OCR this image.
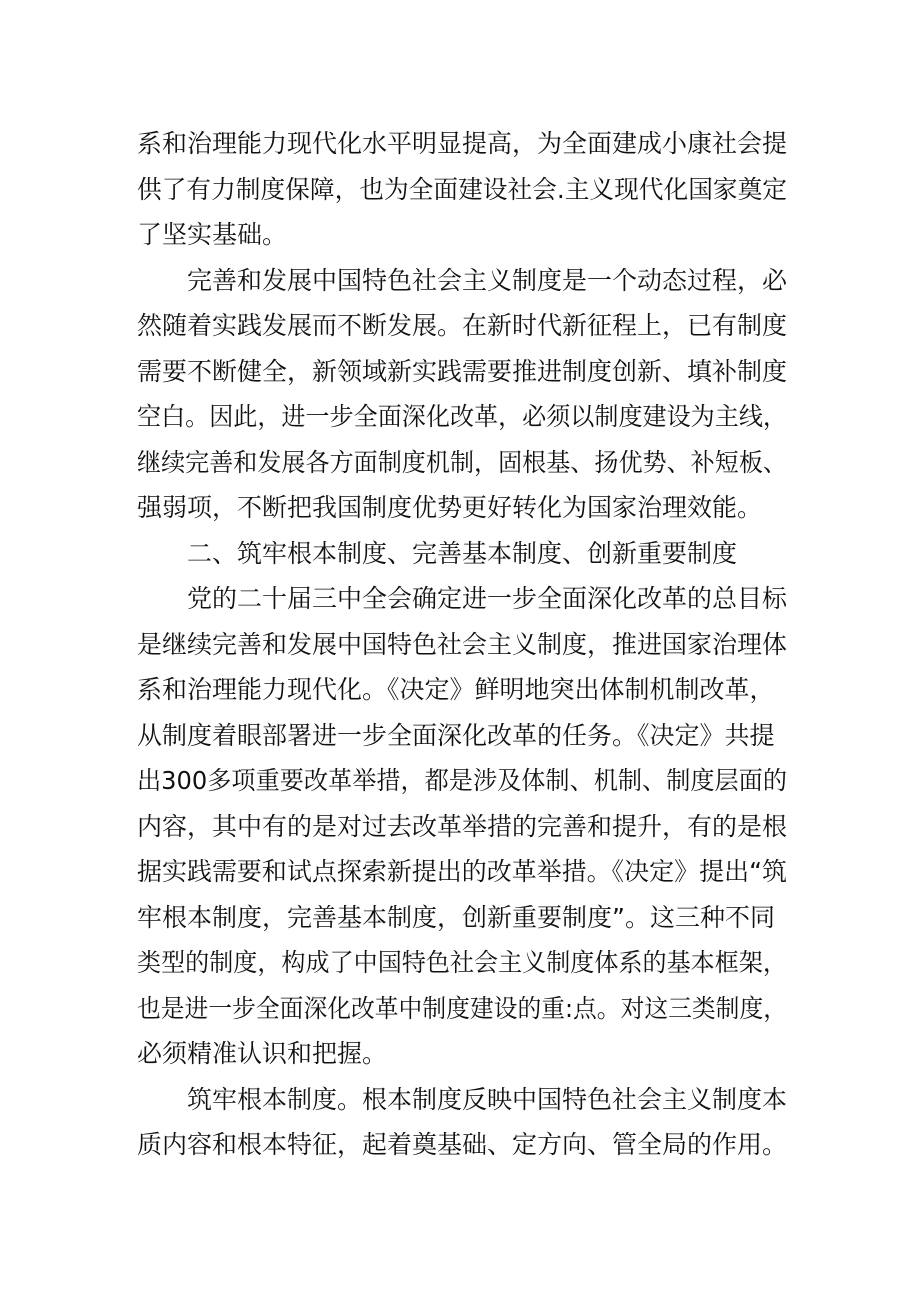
系和治理能力现代化水平明显提高，为全面建成小康社会提
供了有力制度保障，也为全面建设社会.主义现代化国家奠定
了坚实基础。
完善和发展中国特色社会主义制度是一个动态过程，必
然随着实践发展而不断发展。在新时代新征程上，已有制度
需要不断健全，新领域新实践需要推进制度创新、填补制度
空白。因此，进一步全面深化改革，必须以制度建设为主线，
继续完善和发展各方面制度机制，固根基、扬优势、补短板、
强弱项，不断把我国制度优势更好转化为国家治理效能。
二、筑牢根本制度、完善基本制度、创新重要制度
党的二十届三中全会确定进一步全面深化改革的总目标
是继续完善和发展中国特色社会主义制度，推进国家治理体
系和治理能力现代化。《决定》鲜明地突出体制机制改革，
从制度着眼部署进一步全面深化改革的任务。《决定》共提
出300多项重要改革举措，都是涉及体制、机制、制度层面的
内容，其中有的是对过去改革举措的完善和提升，有的是根
据实践需要和试点探索新提出的改革举措。《决定》提出“筑
牢根本制度，完善基本制度，创新重要制度”。这三种不同
类型的制度，构成了中国特色社会主义制度体系的基本框架，
也是进一步全面深化改革中制度建设的重:点。对这三类制度，
必须精准认识和把握。
筑牢根本制度。根本制度反映中国特色社会主义制度本
质内容和根本特征，起着奠基础、定方向、管全局的作用。
